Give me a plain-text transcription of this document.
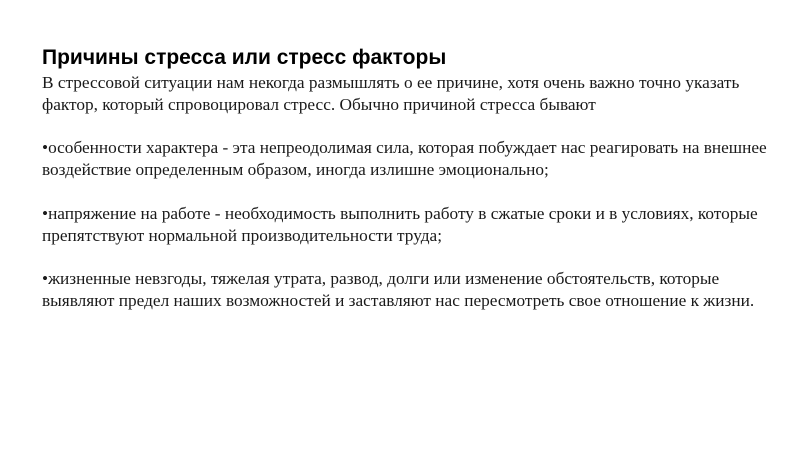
Причины стресса или стресс факторы

В стрессовой ситуации нам некогда размышлять о ее причине, хотя очень важно точно указать фактор, который спровоцировал стресс. Обычно причиной стресса бывают

•особенности характера - эта непреодолимая сила, которая побуждает нас реагировать на внешнее воздействие определенным образом, иногда излишне эмоционально;

•напряжение на работе - необходимость выполнить работу в сжатые сроки и в условиях, которые препятствуют нормальной производительности труда;

•жизненные невзгоды, тяжелая утрата, развод, долги или изменение обстоятельств, которые выявляют предел наших возможностей и заставляют нас пересмотреть свое отношение к жизни.
